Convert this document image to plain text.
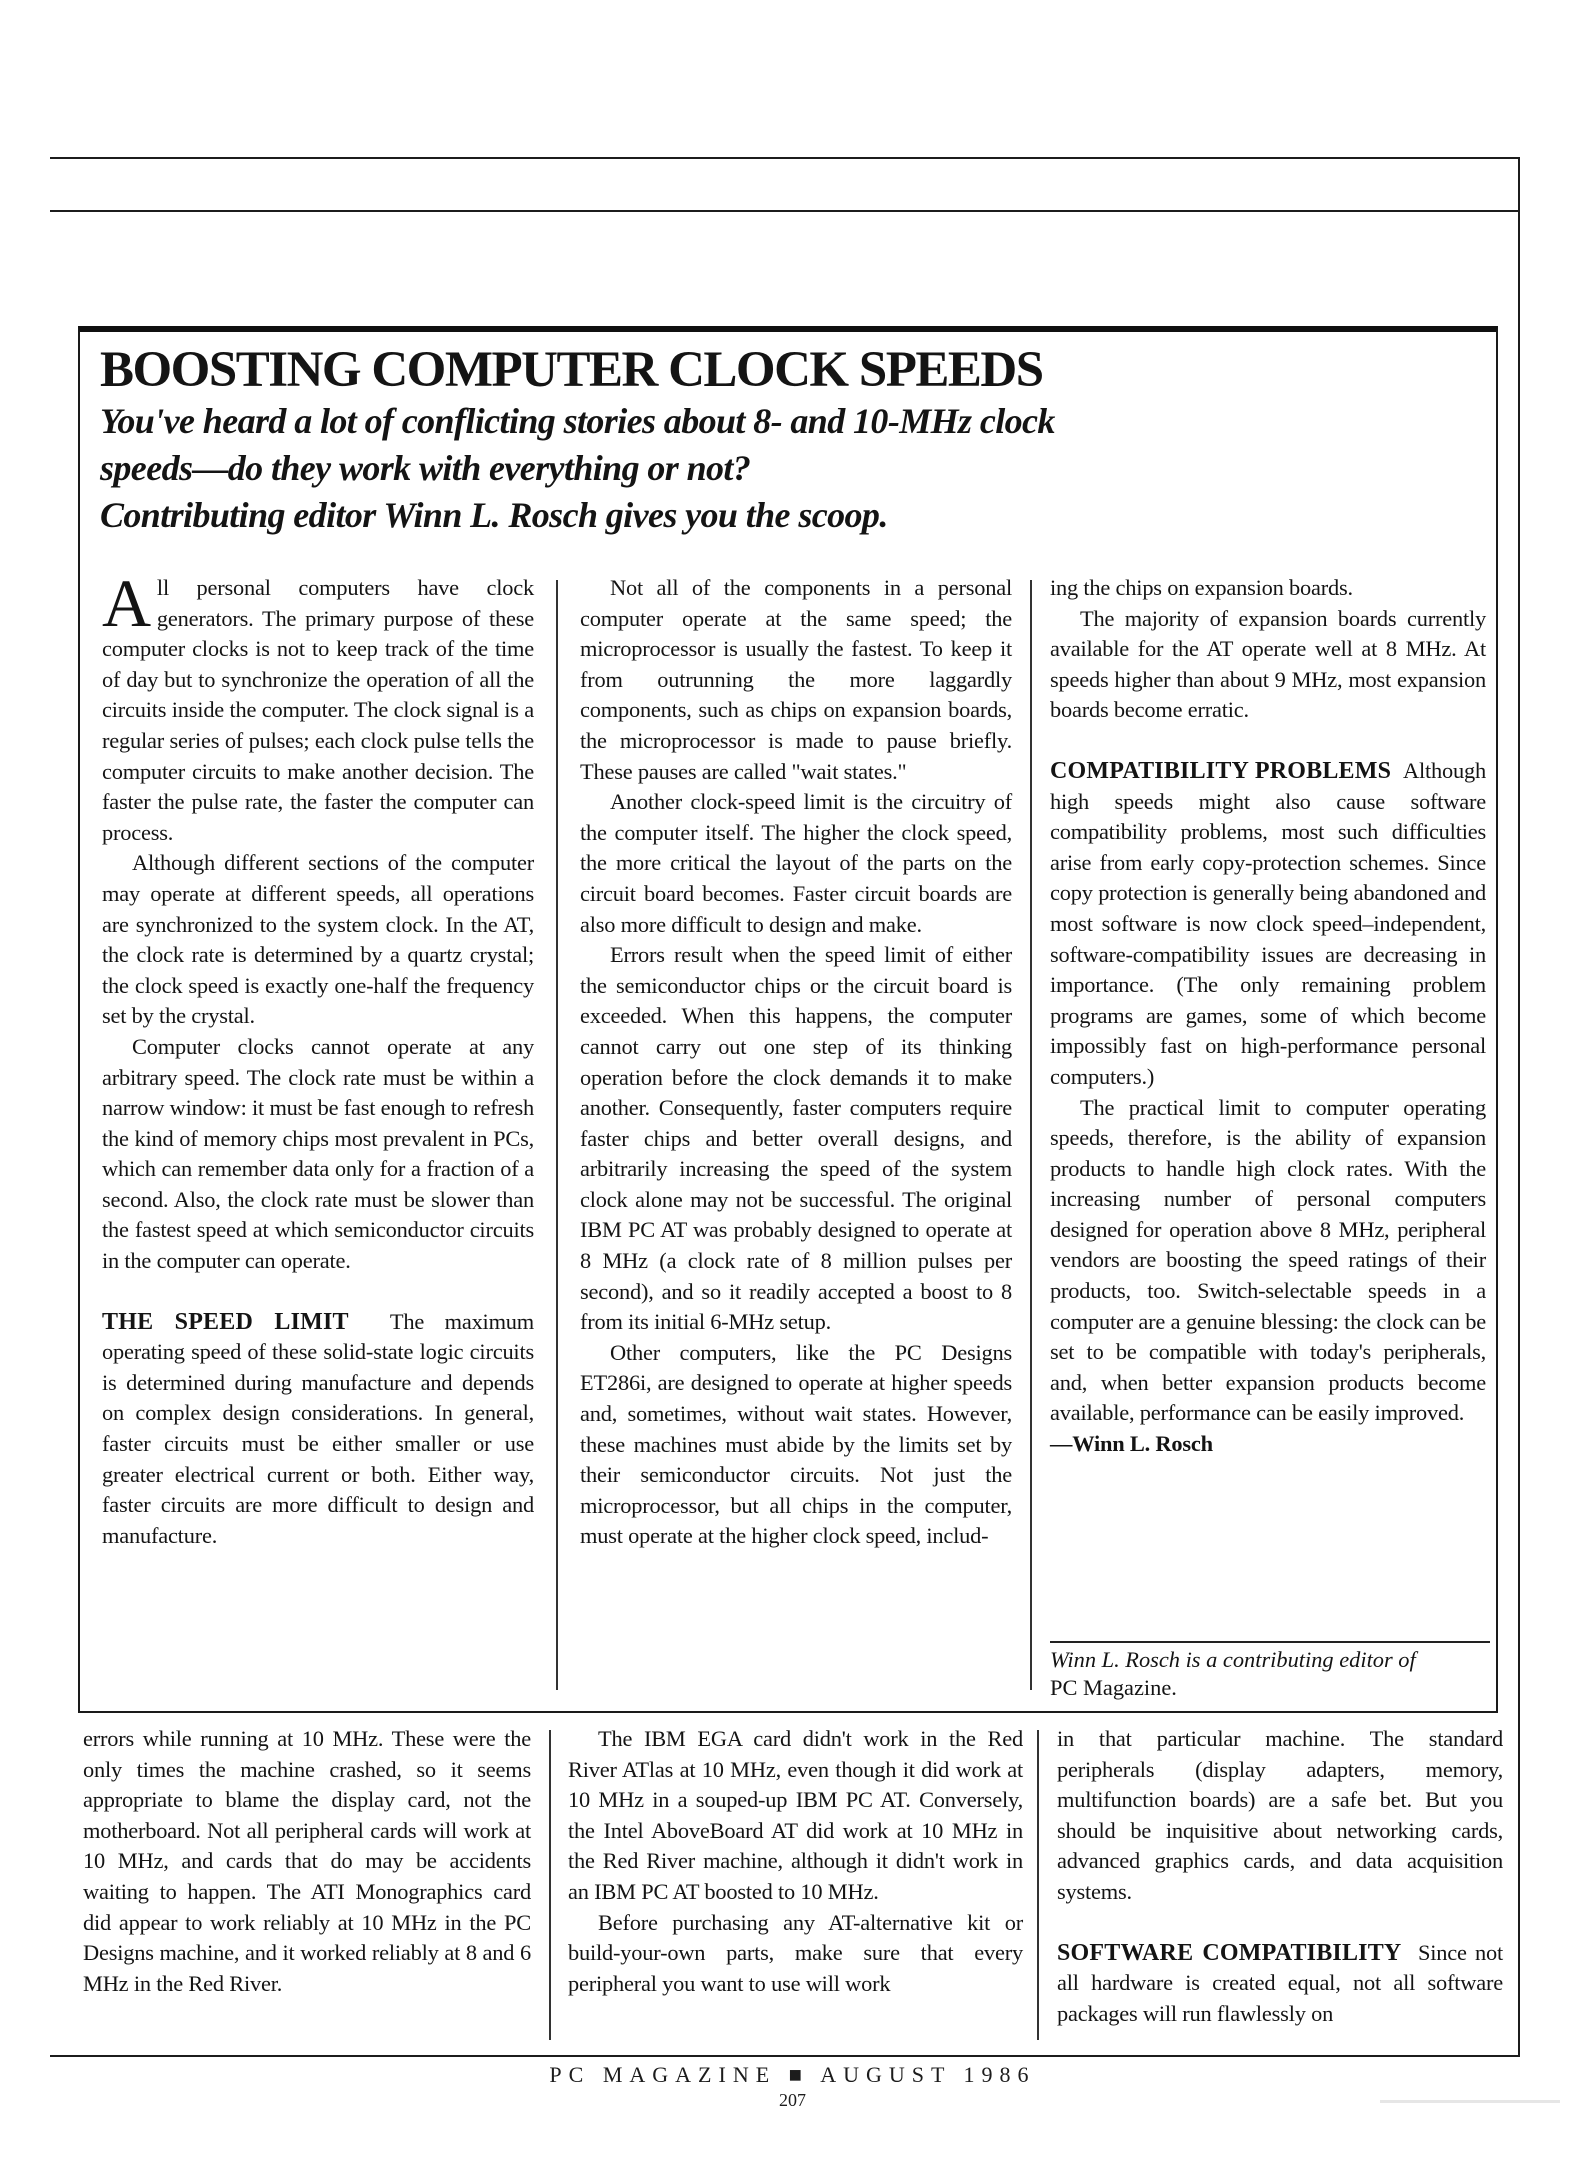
BOOSTING COMPUTER CLOCK SPEEDS
You've heard a lot of conflicting stories about 8- and 10-MHz clock
speeds—do they work with everything or not?
Contributing editor Winn L. Rosch gives you the scoop.

All personal computers have clock generators. The primary purpose of these computer clocks is not to keep track of the time of day but to synchronize the operation of all the circuits inside the computer. The clock signal is a regular series of pulses; each clock pulse tells the computer circuits to make another decision. The faster the pulse rate, the faster the computer can process.

Although different sections of the computer may operate at different speeds, all operations are synchronized to the system clock. In the AT, the clock rate is determined by a quartz crystal; the clock speed is exactly one-half the frequency set by the crystal.

Computer clocks cannot operate at any arbitrary speed. The clock rate must be within a narrow window: it must be fast enough to refresh the kind of memory chips most prevalent in PCs, which can remember data only for a fraction of a second. Also, the clock rate must be slower than the fastest speed at which semiconductor circuits in the computer can operate.

THE SPEED LIMIT The maximum operating speed of these solid-state logic circuits is determined during manufacture and depends on complex design considerations. In general, faster circuits must be either smaller or use greater electrical current or both. Either way, faster circuits are more difficult to design and manufacture.

Not all of the components in a personal computer operate at the same speed; the microprocessor is usually the fastest. To keep it from outrunning the more laggardly components, such as chips on expansion boards, the microprocessor is made to pause briefly. These pauses are called "wait states."

Another clock-speed limit is the circuitry of the computer itself. The higher the clock speed, the more critical the layout of the parts on the circuit board becomes. Faster circuit boards are also more difficult to design and make.

Errors result when the speed limit of either the semiconductor chips or the circuit board is exceeded. When this happens, the computer cannot carry out one step of its thinking operation before the clock demands it to make another. Consequently, faster computers require faster chips and better overall designs, and arbitrarily increasing the speed of the system clock alone may not be successful. The original IBM PC AT was probably designed to operate at 8 MHz (a clock rate of 8 million pulses per second), and so it readily accepted a boost to 8 from its initial 6-MHz setup.

Other computers, like the PC Designs ET286i, are designed to operate at higher speeds and, sometimes, without wait states. However, these machines must abide by the limits set by their semiconductor circuits. Not just the microprocessor, but all chips in the computer, must operate at the higher clock speed, includ-

ing the chips on expansion boards.

The majority of expansion boards currently available for the AT operate well at 8 MHz. At speeds higher than about 9 MHz, most expansion boards become erratic.

COMPATIBILITY PROBLEMS Although high speeds might also cause software compatibility problems, most such difficulties arise from early copy-protection schemes. Since copy protection is generally being abandoned and most software is now clock speed–independent, software-compatibility issues are decreasing in importance. (The only remaining problem programs are games, some of which become impossibly fast on high-performance personal computers.)

The practical limit to computer operating speeds, therefore, is the ability of expansion products to handle high clock rates. With the increasing number of personal computers designed for operation above 8 MHz, peripheral vendors are boosting the speed ratings of their products, too. Switch-selectable speeds in a computer are a genuine blessing: the clock can be set to be compatible with today's peripherals, and, when better expansion products become available, performance can be easily improved.

—Winn L. Rosch

Winn L. Rosch is a contributing editor of
PC Magazine.

errors while running at 10 MHz. These were the only times the machine crashed, so it seems appropriate to blame the display card, not the motherboard. Not all peripheral cards will work at 10 MHz, and cards that do may be accidents waiting to happen. The ATI Monographics card did appear to work reliably at 10 MHz in the PC Designs machine, and it worked reliably at 8 and 6 MHz in the Red River.

The IBM EGA card didn't work in the Red River ATlas at 10 MHz, even though it did work at 10 MHz in a souped-up IBM PC AT. Conversely, the Intel AboveBoard AT did work at 10 MHz in the Red River machine, although it didn't work in an IBM PC AT boosted to 10 MHz.

Before purchasing any AT-alternative kit or build-your-own parts, make sure that every peripheral you want to use will work

in that particular machine. The standard peripherals (display adapters, memory, multifunction boards) are a safe bet. But you should be inquisitive about networking cards, advanced graphics cards, and data acquisition systems.

SOFTWARE COMPATIBILITY Since not all hardware is created equal, not all software packages will run flawlessly on

PC MAGAZINE ■ AUGUST 1986
207
